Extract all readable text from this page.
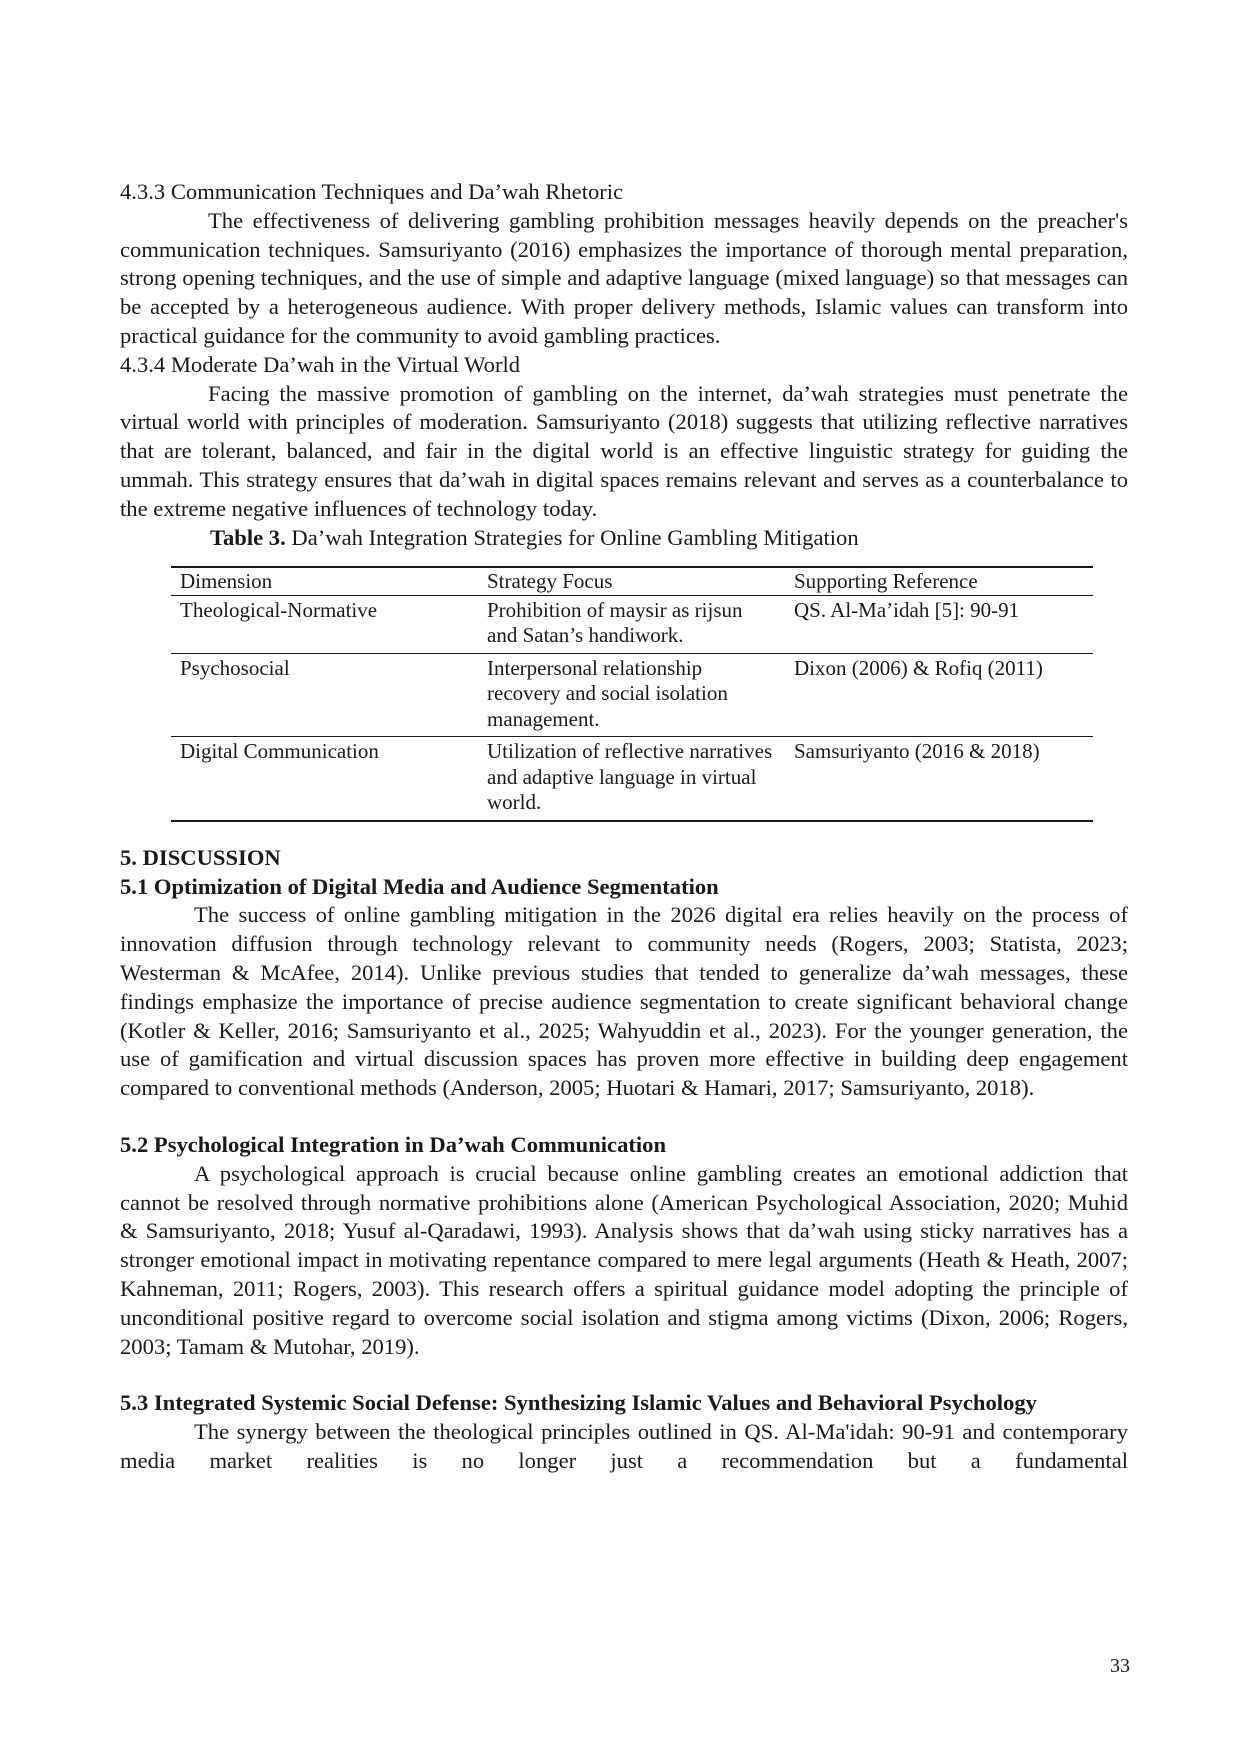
4.3.3 Communication Techniques and Da’wah Rhetoric

The effectiveness of delivering gambling prohibition messages heavily depends on the preacher's communication techniques. Samsuriyanto (2016) emphasizes the importance of thorough mental preparation, strong opening techniques, and the use of simple and adaptive language (mixed language) so that messages can be accepted by a heterogeneous audience. With proper delivery methods, Islamic values can transform into practical guidance for the community to avoid gambling practices.

4.3.4 Moderate Da’wah in the Virtual World

Facing the massive promotion of gambling on the internet, da’wah strategies must penetrate the virtual world with principles of moderation. Samsuriyanto (2018) suggests that utilizing reflective narratives that are tolerant, balanced, and fair in the digital world is an effective linguistic strategy for guiding the ummah. This strategy ensures that da’wah in digital spaces remains relevant and serves as a counterbalance to the extreme negative influences of technology today.

Table 3. Da’wah Integration Strategies for Online Gambling Mitigation

Dimension	Strategy Focus	Supporting Reference
Theological-Normative	Prohibition of maysir as rijsun and Satan’s handiwork.	QS. Al-Ma’idah [5]: 90-91
Psychosocial	Interpersonal relationship recovery and social isolation management.	Dixon (2006) & Rofiq (2011)
Digital Communication	Utilization of reflective narratives and adaptive language in virtual world.	Samsuriyanto (2016 & 2018)
5. DISCUSSION
5.1 Optimization of Digital Media and Audience Segmentation

The success of online gambling mitigation in the 2026 digital era relies heavily on the process of innovation diffusion through technology relevant to community needs (Rogers, 2003; Statista, 2023; Westerman & McAfee, 2014). Unlike previous studies that tended to generalize da’wah messages, these findings emphasize the importance of precise audience segmentation to create significant behavioral change (Kotler & Keller, 2016; Samsuriyanto et al., 2025; Wahyuddin et al., 2023). For the younger generation, the use of gamification and virtual discussion spaces has proven more effective in building deep engagement compared to conventional methods (Anderson, 2005; Huotari & Hamari, 2017; Samsuriyanto, 2018).

5.2 Psychological Integration in Da’wah Communication

A psychological approach is crucial because online gambling creates an emotional addiction that cannot be resolved through normative prohibitions alone (American Psychological Association, 2020; Muhid & Samsuriyanto, 2018; Yusuf al-Qaradawi, 1993). Analysis shows that da’wah using sticky narratives has a stronger emotional impact in motivating repentance compared to mere legal arguments (Heath & Heath, 2007; Kahneman, 2011; Rogers, 2003). This research offers a spiritual guidance model adopting the principle of unconditional positive regard to overcome social isolation and stigma among victims (Dixon, 2006; Rogers, 2003; Tamam & Mutohar, 2019).

5.3 Integrated Systemic Social Defense: Synthesizing Islamic Values and Behavioral Psychology

The synergy between the theological principles outlined in QS. Al-Ma'idah: 90-91 and contemporary media market realities is no longer just a recommendation but a fundamental

33
